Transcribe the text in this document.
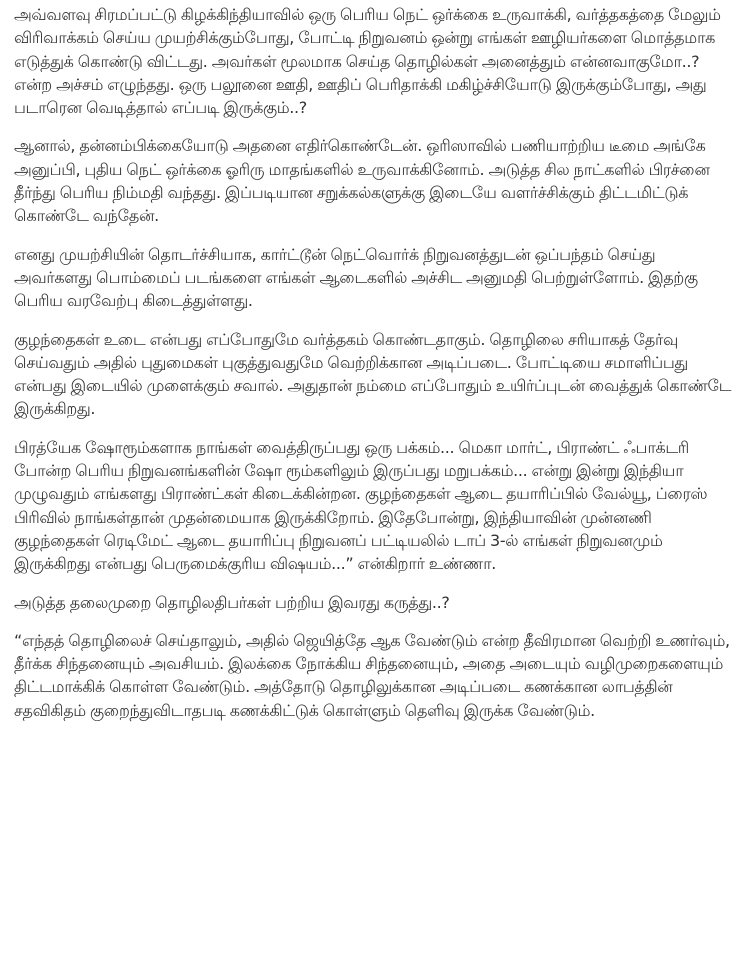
அவ்வளவு சிரமப்பட்டு கிழக்கிந்தியாவில் ஒரு பெரிய நெட் ஒர்க்கை உருவாக்கி, வர்த்தகத்தை மேலும் விரிவாக்கம் செய்ய முயற்சிக்கும்போது, போட்டி நிறுவனம் ஒன்று எங்கள் ஊழியர்களை மொத்தமாக எடுத்துக் கொண்டு விட்டது. அவர்கள் மூலமாக செய்த தொழில்கள் அனைத்தும் என்னவாகுமோ..? என்ற அச்சம் எழுந்தது. ஒரு பலூனை ஊதி, ஊதிப் பெரிதாக்கி மகிழ்ச்சியோடு இருக்கும்போது, அது படாரென வெடித்தால் எப்படி இருக்கும்..?

ஆனால், தன்னம்பிக்கையோடு அதனை எதிர்கொண்டேன். ஒரிஸாவில் பணியாற்றிய டீமை அங்கே அனுப்பி, புதிய நெட் ஒர்க்கை ஓரிரு மாதங்களில் உருவாக்கினோம். அடுத்த சில நாட்களில் பிரச்னை தீர்ந்து பெரிய நிம்மதி வந்தது. இப்படியான சறுக்கல்களுக்கு இடையே வளர்ச்சிக்கும் திட்டமிட்டுக் கொண்டே வந்தேன்.

எனது முயற்சியின் தொடர்ச்சியாக, கார்ட்டூன் நெட்வொர்க் நிறுவனத்துடன் ஒப்பந்தம் செய்து அவர்களது பொம்மைப் படங்களை எங்கள் ஆடைகளில் அச்சிட அனுமதி பெற்றுள்ளோம். இதற்கு பெரிய வரவேற்பு கிடைத்துள்ளது.

குழந்தைகள் உடை என்பது எப்போதுமே வர்த்தகம் கொண்டதாகும். தொழிலை சரியாகத் தேர்வு செய்வதும் அதில் புதுமைகள் புகுத்துவதுமே வெற்றிக்கான அடிப்படை. போட்டியை சமாளிப்பது என்பது இடையில் முளைக்கும் சவால். அதுதான் நம்மை எப்போதும் உயிர்ப்புடன் வைத்துக் கொண்டே இருக்கிறது.

பிரத்யேக ஷோரூம்களாக நாங்கள் வைத்திருப்பது ஒரு பக்கம்... மெகா மார்ட், பிராண்ட் ஃபாக்டரி போன்ற பெரிய நிறுவனங்களின் ஷோ ரூம்களிலும் இருப்பது மறுபக்கம்... என்று இன்று இந்தியா முழுவதும் எங்களது பிராண்ட்கள் கிடைக்கின்றன. குழந்தைகள் ஆடை தயாரிப்பில் வேல்யூ, ப்ரைஸ் பிரிவில் நாங்கள்தான் முதன்மையாக இருக்கிறோம். இதேபோன்று, இந்தியாவின் முன்னணி குழந்தைகள் ரெடிமேட் ஆடை தயாரிப்பு நிறுவனப் பட்டியலில் டாப் 3-ல் எங்கள் நிறுவனமும் இருக்கிறது என்பது பெருமைக்குரிய விஷயம்...” என்கிறார் உண்ணா.

அடுத்த தலைமுறை தொழிலதிபர்கள் பற்றிய இவரது கருத்து..?

“எந்தத் தொழிலைச் செய்தாலும், அதில் ஜெயித்தே ஆக வேண்டும் என்ற தீவிரமான வெற்றி உணர்வும், தீர்க்க சிந்தனையும் அவசியம். இலக்கை நோக்கிய சிந்தனையும், அதை அடையும் வழிமுறைகளையும் திட்டமாக்கிக் கொள்ள வேண்டும். அத்தோடு தொழிலுக்கான அடிப்படை கணக்கான லாபத்தின் சதவிகிதம் குறைந்துவிடாதபடி கணக்கிட்டுக் கொள்ளும் தெளிவு இருக்க வேண்டும்.
